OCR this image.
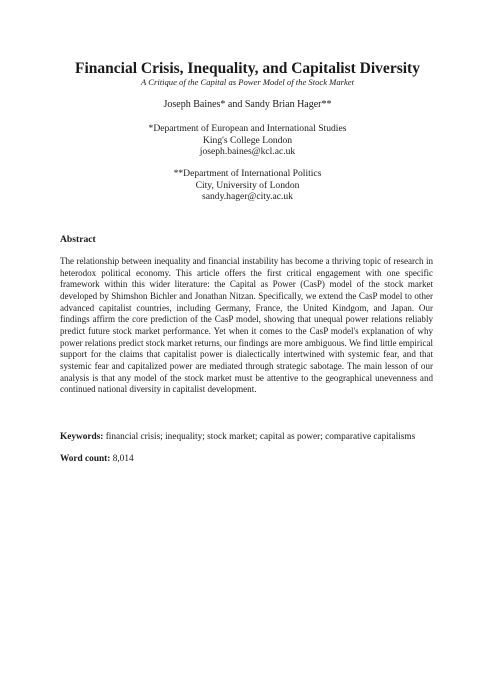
Financial Crisis, Inequality, and Capitalist Diversity

A Critique of the Capital as Power Model of the Stock Market

Joseph Baines* and Sandy Brian Hager**

*Department of European and International Studies
King's College London
joseph.baines@kcl.ac.uk
**Department of International Politics
City, University of London
sandy.hager@city.ac.uk
Abstract

The relationship between inequality and financial instability has become a thriving topic of research in heterodox political economy. This article offers the first critical engagement with one specific framework within this wider literature: the Capital as Power (CasP) model of the stock market developed by Shimshon Bichler and Jonathan Nitzan. Specifically, we extend the CasP model to other advanced capitalist countries, including Germany, France, the United Kindgom, and Japan. Our findings affirm the core prediction of the CasP model, showing that unequal power relations reliably predict future stock market performance. Yet when it comes to the CasP model's explanation of why power relations predict stock market returns, our findings are more ambiguous. We find little empirical support for the claims that capitalist power is dialectically intertwined with systemic fear, and that systemic fear and capitalized power are mediated through strategic sabotage. The main lesson of our analysis is that any model of the stock market must be attentive to the geographical unevenness and continued national diversity in capitalist development.

Keywords: financial crisis; inequality; stock market; capital as power; comparative capitalisms

Word count: 8,014
